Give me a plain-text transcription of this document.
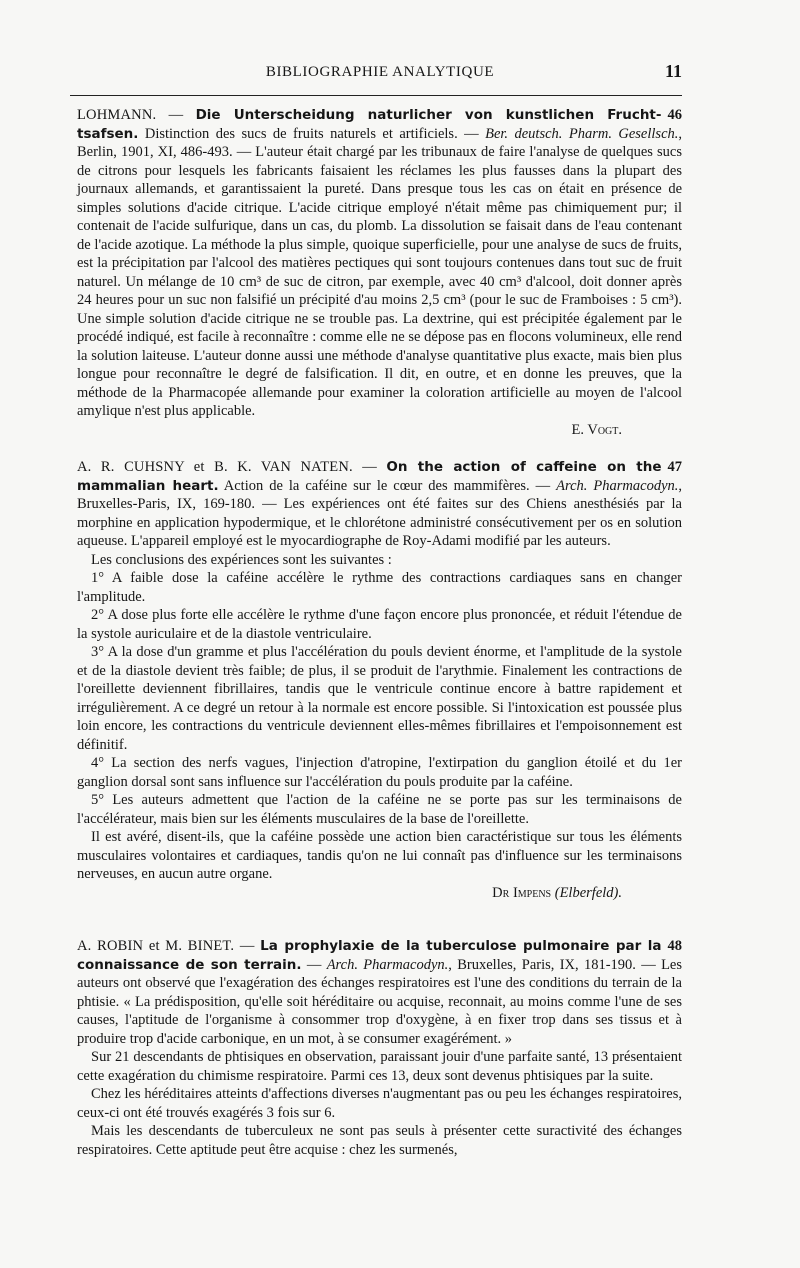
BIBLIOGRAPHIE ANALYTIQUE	11

46
LOHMANN. — Die Unterscheidung naturlicher von kunstlichen Frucht-tsafsen. Distinction des sucs de fruits naturels et artificiels. — Ber. deutsch. Pharm. Gesellsch., Berlin, 1901, XI, 486-493. — L'auteur était chargé par les tribunaux de faire l'analyse de quelques sucs de citrons pour lesquels les fabricants faisaient les réclames les plus fausses dans la plupart des journaux allemands, et garantissaient la pureté. Dans presque tous les cas on était en présence de simples solutions d'acide citrique. L'acide citrique employé n'était même pas chimiquement pur; il contenait de l'acide sulfurique, dans un cas, du plomb. La dissolution se faisait dans de l'eau contenant de l'acide azotique. La méthode la plus simple, quoique superficielle, pour une analyse de sucs de fruits, est la précipitation par l'alcool des matières pectiques qui sont toujours contenues dans tout suc de fruit naturel. Un mélange de 10 cm³ de suc de citron, par exemple, avec 40 cm³ d'alcool, doit donner après 24 heures pour un suc non falsifié un précipité d'au moins 2,5 cm³ (pour le suc de Framboises : 5 cm³). Une simple solution d'acide citrique ne se trouble pas. La dextrine, qui est précipitée également par le procédé indiqué, est facile à reconnaître : comme elle ne se dépose pas en flocons volumineux, elle rend la solution laiteuse. L'auteur donne aussi une méthode d'analyse quantitative plus exacte, mais bien plus longue pour reconnaître le degré de falsification. Il dit, en outre, et en donne les preuves, que la méthode de la Pharmacopée allemande pour examiner la coloration artificielle au moyen de l'alcool amylique n'est plus applicable.

E. Vogt.

47
A. R. CUHSNY et B. K. VAN NATEN. — On the action of caffeine on the mammalian heart. Action de la caféine sur le cœur des mammifères. — Arch. Pharmacodyn., Bruxelles-Paris, IX, 169-180. — Les expériences ont été faites sur des Chiens anesthésiés par la morphine en application hypodermique, et le chlorétone administré consécutivement per os en solution aqueuse. L'appareil employé est le myocardiographe de Roy-Adami modifié par les auteurs.

Les conclusions des expériences sont les suivantes :

1° A faible dose la caféine accélère le rythme des contractions cardiaques sans en changer l'amplitude.

2° A dose plus forte elle accélère le rythme d'une façon encore plus prononcée, et réduit l'étendue de la systole auriculaire et de la diastole ventriculaire.

3° A la dose d'un gramme et plus l'accélération du pouls devient énorme, et l'amplitude de la systole et de la diastole devient très faible; de plus, il se produit de l'arythmie. Finalement les contractions de l'oreillette deviennent fibrillaires, tandis que le ventricule continue encore à battre rapidement et irrégulièrement. A ce degré un retour à la normale est encore possible. Si l'intoxication est poussée plus loin encore, les contractions du ventricule deviennent elles-mêmes fibrillaires et l'empoisonnement est définitif.

4° La section des nerfs vagues, l'injection d'atropine, l'extirpation du ganglion étoilé et du 1er ganglion dorsal sont sans influence sur l'accélération du pouls produite par la caféine.

5° Les auteurs admettent que l'action de la caféine ne se porte pas sur les terminaisons de l'accélérateur, mais bien sur les éléments musculaires de la base de l'oreillette.

Il est avéré, disent-ils, que la caféine possède une action bien caractéristique sur tous les éléments musculaires volontaires et cardiaques, tandis qu'on ne lui connaît pas d'influence sur les terminaisons nerveuses, en aucun autre organe.

Dr Impens (Elberfeld).

48
A. ROBIN et M. BINET. — La prophylaxie de la tuberculose pulmonaire par la connaissance de son terrain. — Arch. Pharmacodyn., Bruxelles, Paris, IX, 181-190. — Les auteurs ont observé que l'exagération des échanges respiratoires est l'une des conditions du terrain de la phtisie. « La prédisposition, qu'elle soit héréditaire ou acquise, reconnait, au moins comme l'une de ses causes, l'aptitude de l'organisme à consommer trop d'oxygène, à en fixer trop dans ses tissus et à produire trop d'acide carbonique, en un mot, à se consumer exagérément. »

Sur 21 descendants de phtisiques en observation, paraissant jouir d'une parfaite santé, 13 présentaient cette exagération du chimisme respiratoire. Parmi ces 13, deux sont devenus phtisiques par la suite.

Chez les héréditaires atteints d'affections diverses n'augmentant pas ou peu les échanges respiratoires, ceux-ci ont été trouvés exagérés 3 fois sur 6.

Mais les descendants de tuberculeux ne sont pas seuls à présenter cette suractivité des échanges respiratoires. Cette aptitude peut être acquise : chez les surmenés,
